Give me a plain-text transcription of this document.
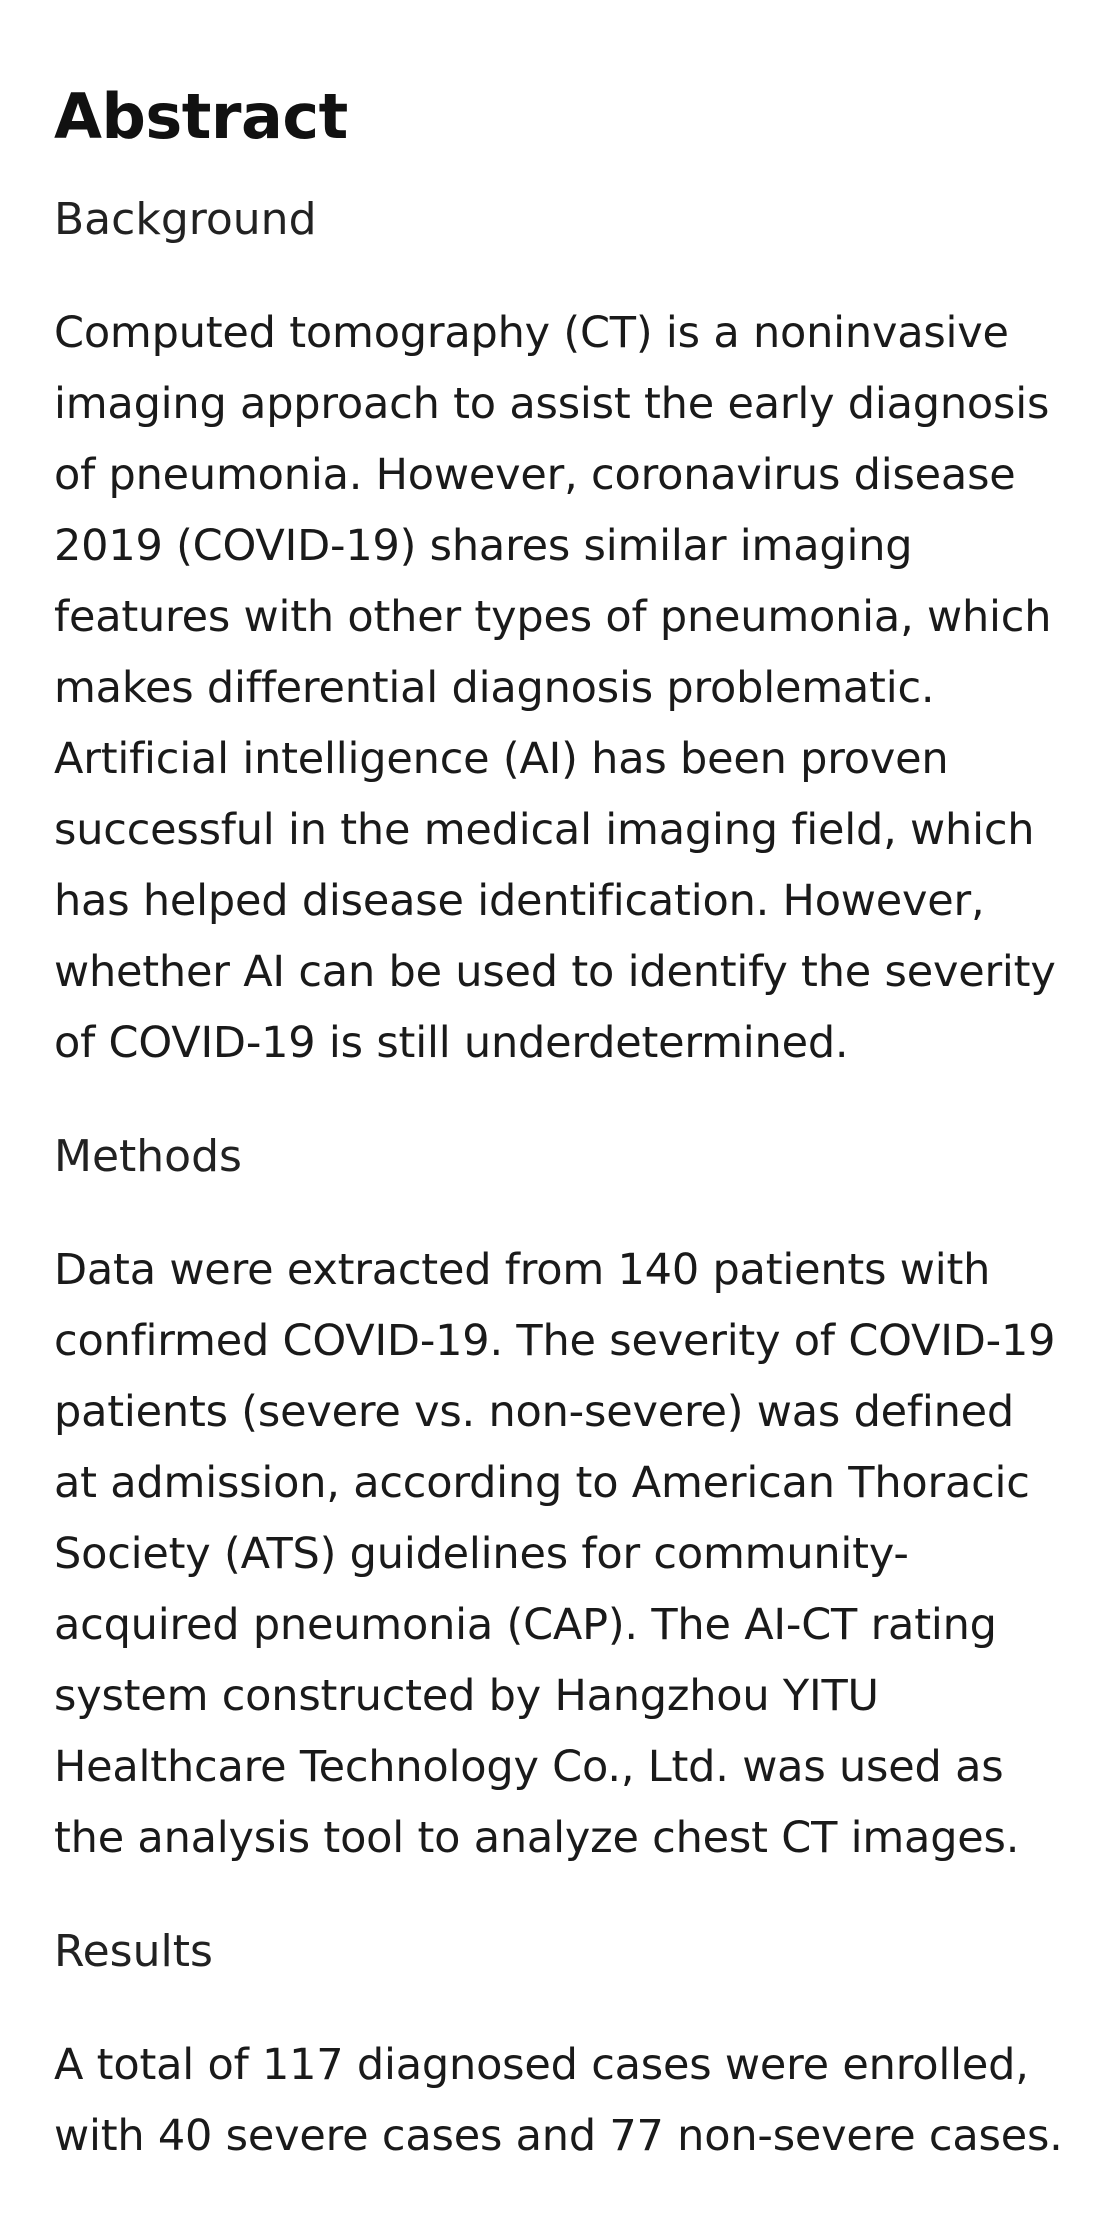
Abstract
Background

Computed tomography (CT) is a noninvasive imaging approach to assist the early diagnosis of pneumonia. However, coronavirus disease 2019 (COVID-19) shares similar imaging features with other types of pneumonia, which makes differential diagnosis problematic. Artificial intelligence (AI) has been proven successful in the medical imaging field, which has helped disease identification. However, whether AI can be used to identify the severity of COVID-19 is still underdetermined.

Methods

Data were extracted from 140 patients with confirmed COVID-19. The severity of COVID-19 patients (severe vs. non-severe) was defined at admission, according to American Thoracic Society (ATS) guidelines for community-acquired pneumonia (CAP). The AI-CT rating system constructed by Hangzhou YITU Healthcare Technology Co., Ltd. was used as the analysis tool to analyze chest CT images.

Results

A total of 117 diagnosed cases were enrolled, with 40 severe cases and 77 non-severe cases.
